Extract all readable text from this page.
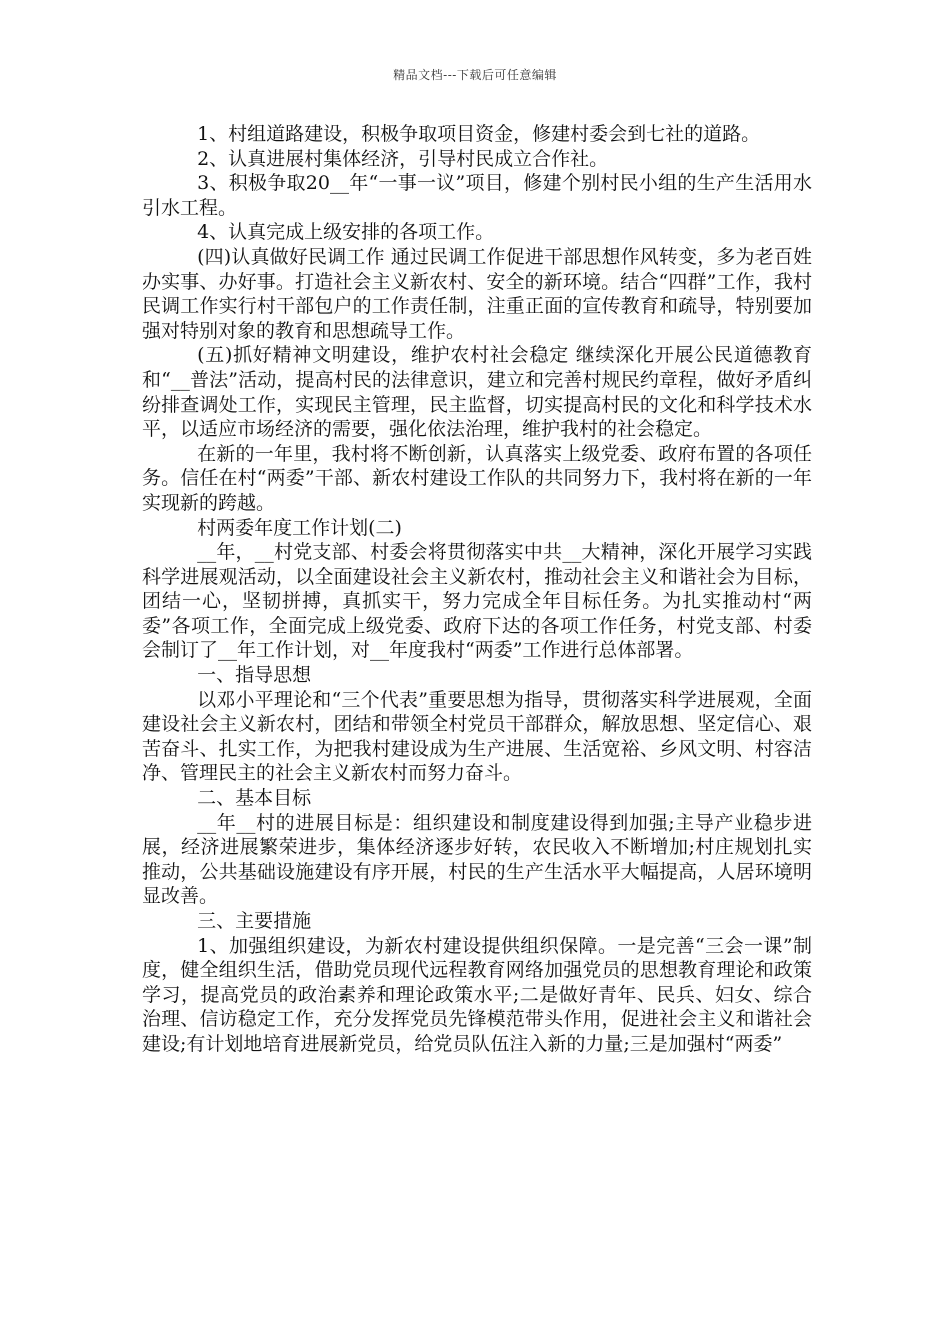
精品文档---下载后可任意编辑

1、村组道路建设，积极争取项目资金，修建村委会到七社的道路。

2、认真进展村集体经济，引导村民成立合作社。

3、积极争取20__年“一事一议”项目，修建个别村民小组的生产生活用水引水工程。

4、认真完成上级安排的各项工作。

(四)认真做好民调工作 通过民调工作促进干部思想作风转变，多为老百姓办实事、办好事。打造社会主义新农村、安全的新环境。结合“四群”工作，我村民调工作实行村干部包户的工作责任制，注重正面的宣传教育和疏导，特别要加强对特别对象的教育和思想疏导工作。

(五)抓好精神文明建设，维护农村社会稳定 继续深化开展公民道德教育和“__普法”活动，提高村民的法律意识，建立和完善村规民约章程，做好矛盾纠纷排查调处工作，实现民主管理，民主监督，切实提高村民的文化和科学技术水平，以适应市场经济的需要，强化依法治理，维护我村的社会稳定。

在新的一年里，我村将不断创新，认真落实上级党委、政府布置的各项任务。信任在村“两委”干部、新农村建设工作队的共同努力下，我村将在新的一年实现新的跨越。

村两委年度工作计划(二)

__年，__村党支部、村委会将贯彻落实中共__大精神，深化开展学习实践科学进展观活动，以全面建设社会主义新农村，推动社会主义和谐社会为目标，团结一心，坚韧拼搏，真抓实干，努力完成全年目标任务。为扎实推动村“两委”各项工作，全面完成上级党委、政府下达的各项工作任务，村党支部、村委会制订了__年工作计划，对__年度我村“两委”工作进行总体部署。

一、指导思想

以邓小平理论和“三个代表”重要思想为指导，贯彻落实科学进展观，全面建设社会主义新农村，团结和带领全村党员干部群众，解放思想、坚定信心、艰苦奋斗、扎实工作，为把我村建设成为生产进展、生活宽裕、乡风文明、村容洁净、管理民主的社会主义新农村而努力奋斗。

二、基本目标

__年__村的进展目标是：组织建设和制度建设得到加强;主导产业稳步进展，经济进展繁荣进步，集体经济逐步好转，农民收入不断增加;村庄规划扎实推动，公共基础设施建设有序开展，村民的生产生活水平大幅提高，人居环境明显改善。

三、主要措施

1、加强组织建设，为新农村建设提供组织保障。一是完善“三会一课”制度，健全组织生活，借助党员现代远程教育网络加强党员的思想教育理论和政策学习，提高党员的政治素养和理论政策水平;二是做好青年、民兵、妇女、综合治理、信访稳定工作，充分发挥党员先锋模范带头作用，促进社会主义和谐社会建设;有计划地培育进展新党员，给党员队伍注入新的力量;三是加强村“两委”
